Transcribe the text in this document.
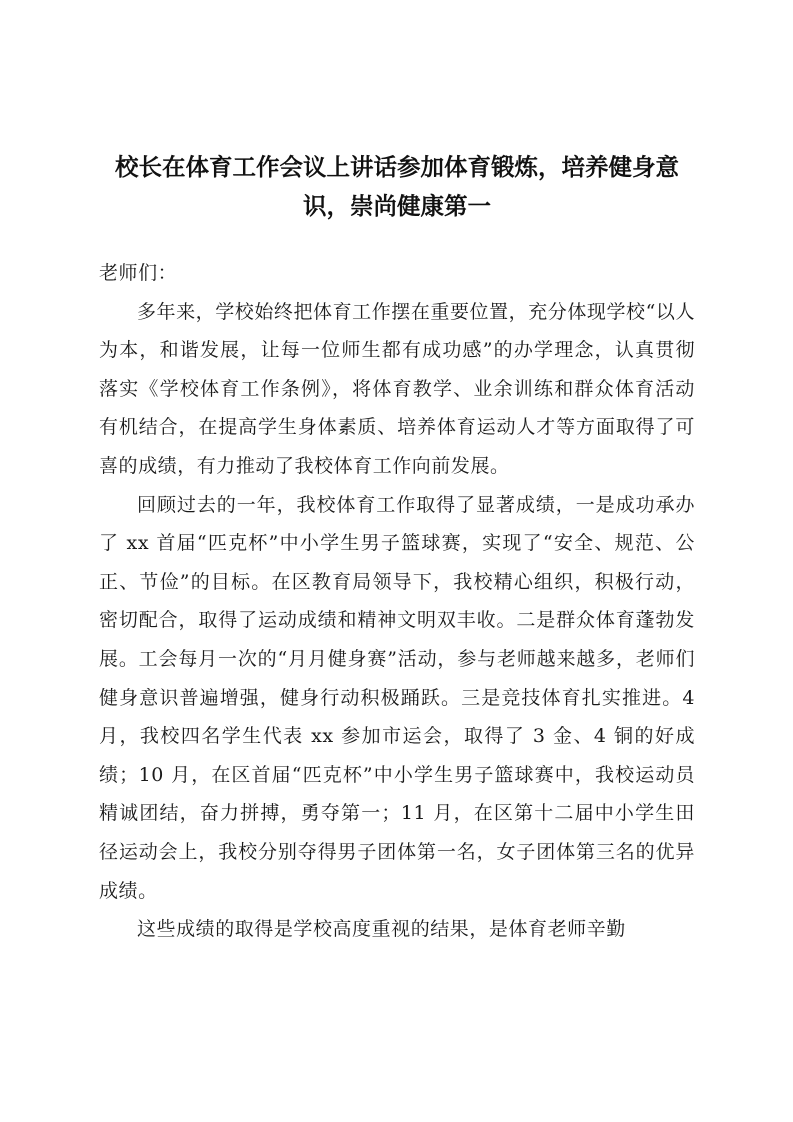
校长在体育工作会议上讲话参加体育锻炼，培养健身意识，崇尚健康第一

老师们：

多年来，学校始终把体育工作摆在重要位置，充分体现学校“以人为本，和谐发展，让每一位师生都有成功感”的办学理念，认真贯彻落实《学校体育工作条例》，将体育教学、业余训练和群众体育活动有机结合，在提高学生身体素质、培养体育运动人才等方面取得了可喜的成绩，有力推动了我校体育工作向前发展。

回顾过去的一年，我校体育工作取得了显著成绩，一是成功承办了 xx 首届“匹克杯”中小学生男子篮球赛，实现了“安全、规范、公正、节俭”的目标。在区教育局领导下，我校精心组织，积极行动，密切配合，取得了运动成绩和精神文明双丰收。二是群众体育蓬勃发展。工会每月一次的“月月健身赛”活动，参与老师越来越多，老师们健身意识普遍增强，健身行动积极踊跃。三是竞技体育扎实推进。4 月，我校四名学生代表 xx 参加市运会，取得了 3 金、4 铜的好成绩；10 月，在区首届“匹克杯”中小学生男子篮球赛中，我校运动员精诚团结，奋力拼搏，勇夺第一；11 月，在区第十二届中小学生田径运动会上，我校分别夺得男子团体第一名，女子团体第三名的优异成绩。

这些成绩的取得是学校高度重视的结果，是体育老师辛勤
